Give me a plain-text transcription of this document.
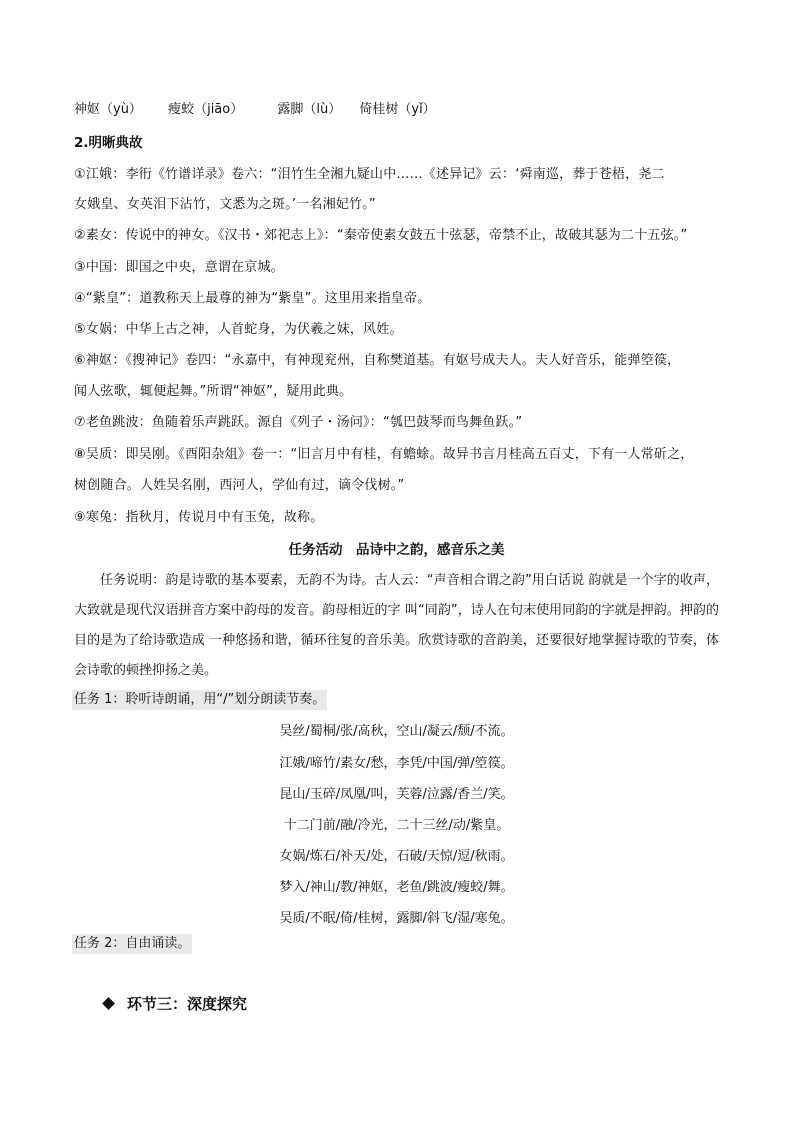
神妪（yù） 瘦蛟（jiāo）	露脚（lù） 倚桂树（yǐ）
2.明晰典故
①江娥：李衎《竹谱详录》卷六：“泪竹生全湘九疑山中……《述异记》云：‘舜南巡，葬于苍梧，尧二
女娥皇、女英泪下沾竹，文悉为之斑。’一名湘妃竹。”
②素女：传说中的神女。《汉书・郊祀志上》：“秦帝使素女鼓五十弦瑟，帝禁不止，故破其瑟为二十五弦。”
③中国：即国之中央，意谓在京城。
④“紫皇”：道教称天上最尊的神为“紫皇”。这里用来指皇帝。
⑤女娲：中华上古之神，人首蛇身，为伏羲之妹，风姓。
⑥神妪：《搜神记》卷四：“永嘉中，有神现兖州，自称樊道基。有妪号成夫人。夫人好音乐，能弹箜篌，
闻人弦歌，辄便起舞。”所谓“神妪”，疑用此典。
⑦老鱼跳波：鱼随着乐声跳跃。源自《列子・汤问》：“瓠巴鼓琴而鸟舞鱼跃。”
⑧吴质：即吴刚。《酉阳杂俎》卷一：“旧言月中有桂，有蟾蜍。故异书言月桂高五百丈，下有一人常斫之，
树创随合。人姓吴名刚，西河人，学仙有过，谪令伐树。”
⑨寒兔：指秋月，传说月中有玉兔，故称。
任务活动　品诗中之韵，感音乐之美
任务说明：韵是诗歌的基本要素，无韵不为诗。古人云：“声音相合谓之韵”用白话说 韵就是一个字的收声，大致就是现代汉语拼音方案中韵母的发音。韵母相近的字 叫“同韵”，诗人在句末使用同韵的字就是押韵。押韵的目的是为了给诗歌造成 一种悠扬和谐，循环往复的音乐美。欣赏诗歌的音韵美，还要很好地掌握诗歌的节奏，体会诗歌的顿挫抑扬之美。
任务 1：聆听诗朗诵，用“/”划分朗读节奏。
吴丝/蜀桐/张/高秋，空山/凝云/颓/不流。
江娥/啼竹/素女/愁，李凭/中国/弹/箜篌。
昆山/玉碎/凤凰/叫，芙蓉/泣露/香兰/笑。
十二门前/融/冷光，二十三丝/动/紫皇。
女娲/炼石/补天/处，石破/天惊/逗/秋雨。
梦入/神山/教/神妪，老鱼/跳波/瘦蛟/舞。
吴质/不眠/倚/桂树，露脚/斜飞/湿/寒兔。
任务 2：自由诵读。
环节三：深度探究
